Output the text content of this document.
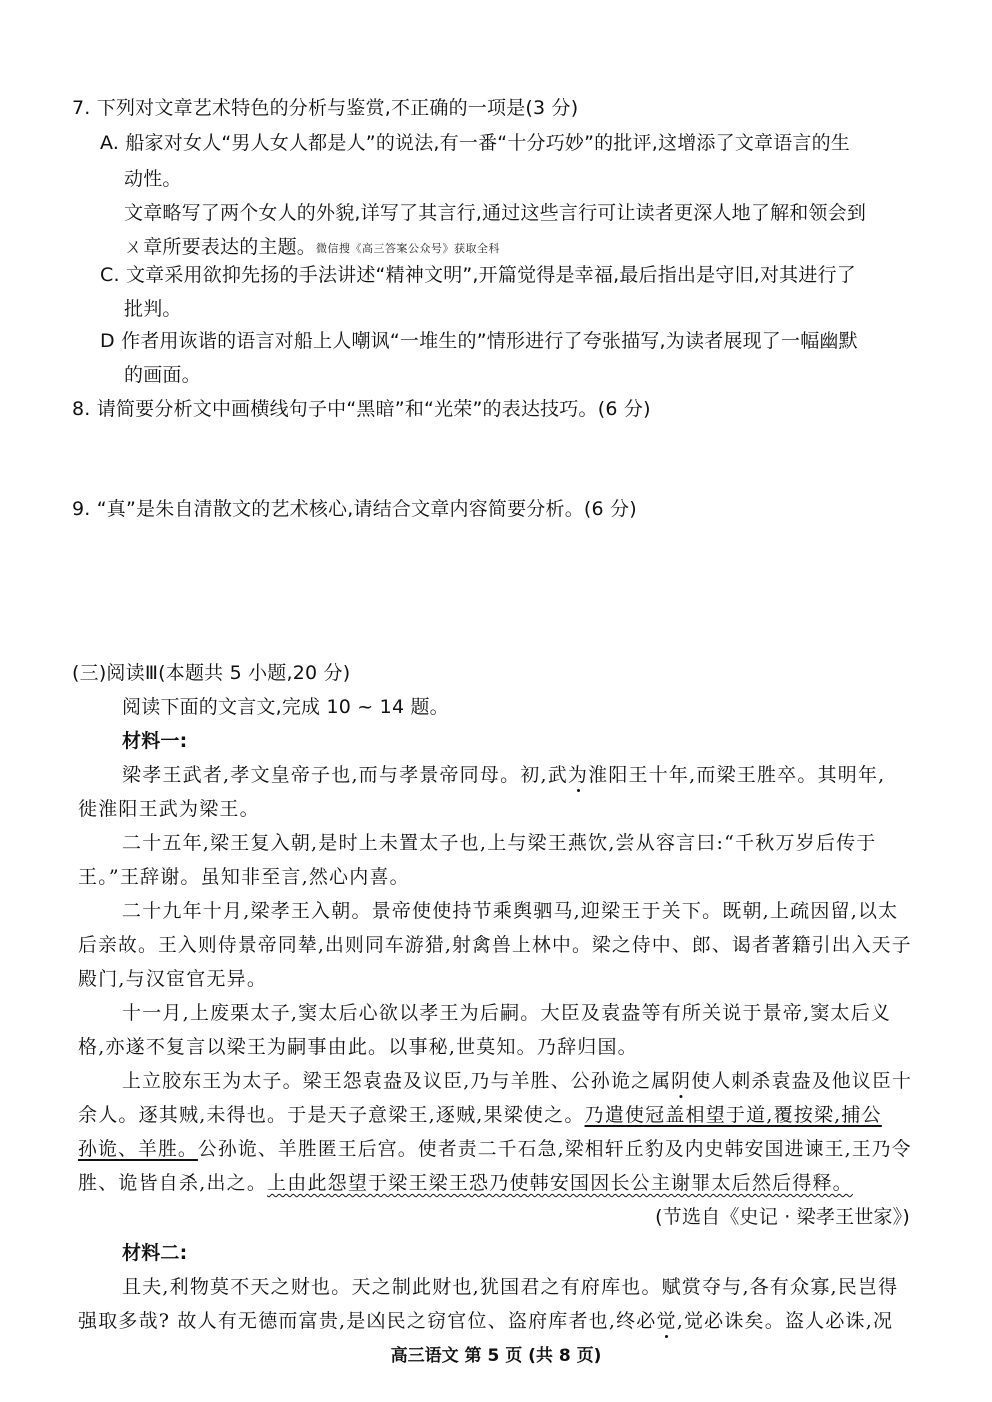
7. 下列对文章艺术特色的分析与鉴赏,不正确的一项是(3 分)
A. 船家对女人“男人女人都是人”的说法,有一番“十分巧妙”的批评,这增添了文章语言的生
动性。
文章略写了两个女人的外貌,详写了其言行,通过这些言行可让读者更深人地了解和领会到
ㄨ章所要表达的主题。微信搜《高三答案公众号》获取全科
C. 文章采用欲抑先扬的手法讲述“精神文明”,开篇觉得是幸福,最后指出是守旧,对其进行了
批判。
D 作者用诙谐的语言对船上人嘲讽“一堆生的”情形进行了夸张描写,为读者展现了一幅幽默
的画面。
8. 请简要分析文中画横线句子中“黑暗”和“光荣”的表达技巧。(6 分)
9. “真”是朱自清散文的艺术核心,请结合文章内容简要分析。(6 分)
(三)阅读Ⅲ(本题共 5 小题,20 分)
阅读下面的文言文,完成 10 ~ 14 题。
材料一:
梁孝王武者,孝文皇帝子也,而与孝景帝同母。初,武为淮阳王十年,而梁王胜卒。其明年,
徙淮阳王武为梁王。
二十五年,梁王复入朝,是时上未置太子也,上与梁王燕饮,尝从容言曰:“千秋万岁后传于
王。”王辞谢。虽知非至言,然心内喜。
二十九年十月,梁孝王入朝。景帝使使持节乘舆驷马,迎梁王于关下。既朝,上疏因留,以太
后亲故。王入则侍景帝同辇,出则同车游猎,射禽兽上林中。梁之侍中、郎、谒者著籍引出入天子
殿门,与汉宦官无异。
十一月,上废栗太子,窦太后心欲以孝王为后嗣。大臣及袁盎等有所关说于景帝,窦太后义
格,亦遂不复言以梁王为嗣事由此。以事秘,世莫知。乃辞归国。
上立胶东王为太子。梁王怨袁盎及议臣,乃与羊胜、公孙诡之属阴使人刺杀袁盎及他议臣十
余人。逐其贼,未得也。于是天子意梁王,逐贼,果梁使之。乃遣使冠盖相望于道,覆按梁,捕公
孙诡、羊胜。公孙诡、羊胜匿王后宫。使者责二千石急,梁相轩丘豹及内史韩安国进谏王,王乃令
胜、诡皆自杀,出之。上由此怨望于梁王梁王恐乃使韩安国因长公主谢罪太后然后得释。
(节选自《史记 · 梁孝王世家》)
材料二:
且夫,利物莫不天之财也。天之制此财也,犹国君之有府库也。赋赏夺与,各有众寡,民岂得
强取多哉? 故人有无德而富贵,是凶民之窃官位、盗府库者也,终必觉,觉必诛矣。盗人必诛,况
高三语文 第 5 页 (共 8 页)
